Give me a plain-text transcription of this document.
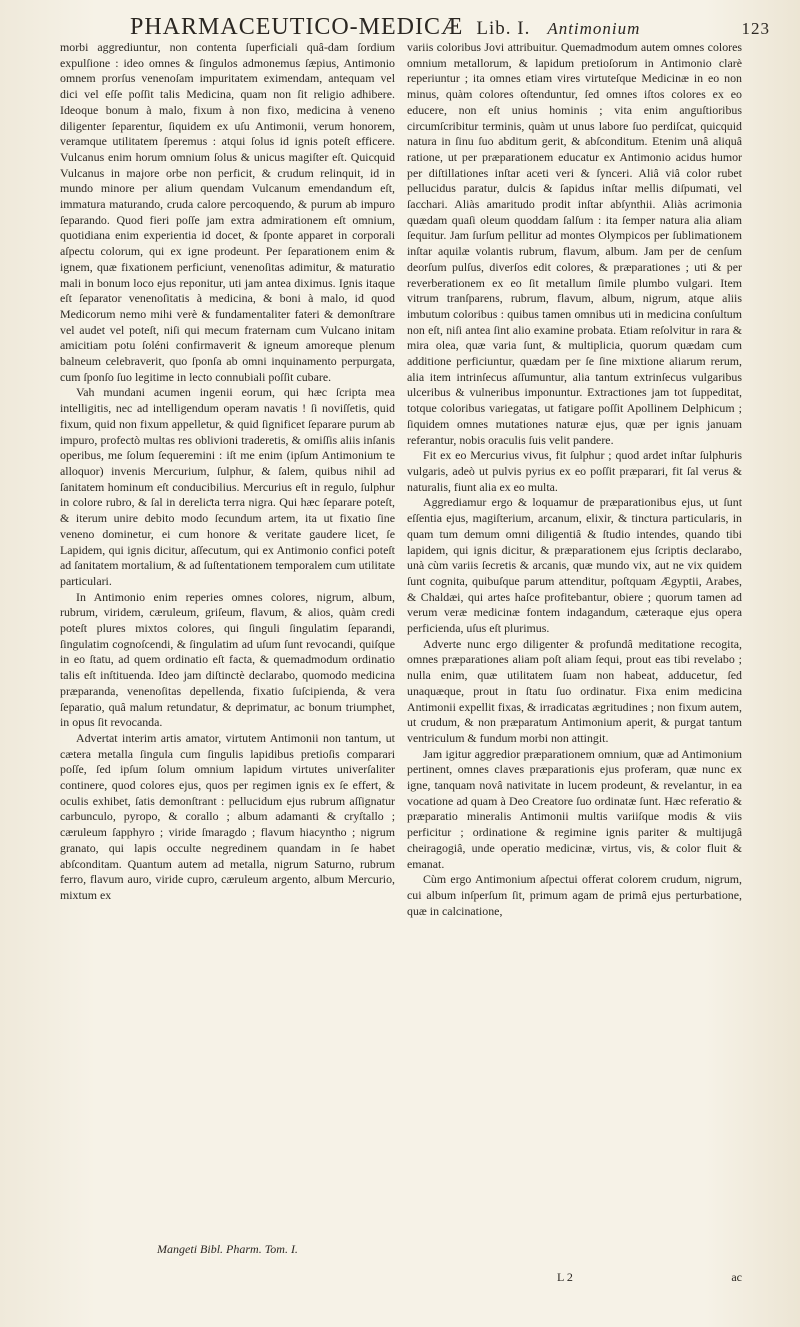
PHARMACEUTICO-MEDICÆ Lib. I. Antimonium	123

morbi aggrediuntur, non contenta ſuperficiali quâ-dam ſordium expulſione : ideo omnes & ſingulos admonemus ſæpius, Antimonio omnem prorſus venenoſam impuritatem eximendam, antequam vel dici vel eſſe poſſit talis Medicina, quam non ſit religio adhibere. Ideoque bonum à malo, fixum à non fixo, medicina à veneno diligenter ſeparentur, ſiquidem ex uſu Antimonii, verum honorem, veramque utilitatem ſperemus : atqui ſolus id ignis poteſt efficere. Vulcanus enim horum omnium ſolus & unicus magiſter eſt. Quicquid Vulcanus in majore orbe non perficit, & crudum relinquit, id in mundo minore per alium quendam Vulcanum emendandum eſt, immatura maturando, cruda calore percoquendo, & purum ab impuro ſeparando. Quod fieri poſſe jam extra admirationem eſt omnium, quotidiana enim experientia id docet, & ſponte apparet in corporali aſpectu colorum, qui ex igne prodeunt. Per ſeparationem enim & ignem, quæ fixationem perficiunt, venenoſitas adimitur, & maturatio mali in bonum loco ejus reponitur, uti jam antea diximus. Ignis itaque eſt ſeparator venenoſitatis à medicina, & boni à malo, id quod Medicorum nemo mihi verè & fundamentaliter fateri & demonſtrare vel audet vel poteſt, niſi qui mecum fraternam cum Vulcano initam amicitiam potu ſoléni confirmaverit & igneum amoreque plenum balneum celebraverit, quo ſponſa ab omni inquinamento perpurgata, cum ſponſo ſuo legitime in lecto connubiali poſſit cubare.

Vah mundani acumen ingenii eorum, qui hæc ſcripta mea intelligitis, nec ad intelligendum operam navatis ! ſi noviſſetis, quid fixum, quid non fixum appelletur, & quid ſignificet ſeparare purum ab impuro, profectò multas res oblivioni traderetis, & omiſſis aliis inſanis operibus, me ſolum ſequeremini : iſt me enim (ipſum Antimonium te alloquor) invenis Mercurium, ſulphur, & ſalem, quibus nihil ad ſanitatem hominum eſt conducibilius. Mercurius eſt in regulo, ſulphur in colore rubro, & ſal in dereliƈta terra nigra. Qui hæc ſeparare poteſt, & iterum unire debito modo ſecundum artem, ita ut fixatio ſine veneno dominetur, ei cum honore & veritate gaudere licet, ſe Lapidem, qui ignis dicitur, aſſecutum, qui ex Antimonio confici poteſt ad ſanitatem mortalium, & ad ſuſtentationem temporalem cum utilitate particulari.

In Antimonio enim reperies omnes colores, nigrum, album, rubrum, viridem, cæruleum, griſeum, flavum, & alios, quàm credi poteſt plures mixtos colores, qui ſinguli ſingulatim ſeparandi, ſingulatim cognoſcendi, & ſingulatim ad uſum ſunt revocandi, quiſque in eo ſtatu, ad quem ordinatio eſt facta, & quemadmodum ordinatio talis eſt inſtituenda. Ideo jam diſtinctè declarabo, quomodo medicina præparanda, venenoſitas depellenda, fixatio ſuſcipienda, & vera ſeparatio, quâ malum retundatur, & deprimatur, ac bonum triumphet, in opus ſit revocanda.

Advertat interim artis amator, virtutem Antimonii non tantum, ut cætera metalla ſingula cum ſingulis lapidibus pretioſis comparari poſſe, ſed ipſum ſolum omnium lapidum virtutes univerſaliter continere, quod colores ejus, quos per regimen ignis ex ſe effert, & oculis exhibet, ſatis demonſtrant : pellucidum ejus rubrum aſſignatur carbunculo, pyropo, & corallo ; album adamanti & cryſtallo ; cæruleum ſapphyro ; viride ſmaragdo ; flavum hiacyntho ; nigrum granato, qui lapis occulte negredinem quandam in ſe habet abſconditam. Quantum autem ad metalla, nigrum Saturno, rubrum ferro, flavum auro, viride cupro, cæruleum argento, album Mercurio, mixtum ex

Mangeti Bibl. Pharm. Tom. I.

variis coloribus Jovi attribuitur. Quemadmodum autem omnes colores omnium metallorum, & lapidum pretioſorum in Antimonio clarè reperiuntur ; ita omnes etiam vires virtuteſque Medicinæ in eo non minus, quàm colores oſtenduntur, ſed omnes iſtos colores ex eo educere, non eſt unius hominis ; vita enim anguſtioribus circumſcribitur terminis, quàm ut unus labore ſuo perdiſcat, quicquid natura in ſinu ſuo abditum gerit, & abſconditum. Etenim unâ aliquâ ratione, ut per præparationem educatur ex Antimonio acidus humor per diſtillationes inſtar aceti veri & ſynceri. Aliâ viâ color rubet pellucidus paratur, dulcis & ſapidus inſtar mellis diſpumati, vel ſacchari. Aliàs amaritudo prodit inſtar abſynthii. Aliàs acrimonia quædam quaſi oleum quoddam ſalſum : ita ſemper natura alia aliam ſequitur. Jam ſurſum pellitur ad montes Olympicos per ſublimationem inſtar aquilæ volantis rubrum, flavum, album. Jam per de cenſum deorſum pulſus, diverſos edit colores, & præparationes ; uti & per reverberationem ex eo ſit metallum ſimile plumbo vulgari. Item vitrum tranſparens, rubrum, flavum, album, nigrum, atque aliis imbutum coloribus : quibus tamen omnibus uti in medicina conſultum non eſt, niſi antea ſint alio examine probata. Etiam reſolvitur in rara & mira olea, quæ varia ſunt, & multiplicia, quorum quædam cum additione perficiuntur, quædam per ſe ſine mixtione aliarum rerum, alia item intrinſecus aſſumuntur, alia tantum extrinſecus vulgaribus ulceribus & vulneribus imponuntur. Extractiones jam tot ſuppeditat, totque coloribus variegatas, ut fatigare poſſit Apollinem Delphicum ; ſiquidem omnes mutationes naturæ ejus, quæ per ignis januam referantur, nobis oraculis ſuis velit pandere.

Fit ex eo Mercurius vivus, fit ſulphur ; quod ardet inſtar ſulphuris vulgaris, adeò ut pulvis pyrius ex eo poſſit præparari, fit ſal verus & naturalis, fiunt alia ex eo multa.

Aggrediamur ergo & loquamur de præparationibus ejus, ut ſunt eſſentia ejus, magiſterium, arcanum, elixir, & tinctura particularis, in quam tum demum omni diligentiâ & ſtudio intendes, quando tibi lapidem, qui ignis dicitur, & præparationem ejus ſcriptis declarabo, unà cùm variis ſecretis & arcanis, quæ mundo vix, aut ne vix quidem ſunt cognita, quibuſque parum attenditur, poſtquam Ægyptii, Arabes, & Chaldæi, qui artes haſce profitebantur, obiere ; quorum tamen ad verum veræ medicinæ fontem indagandum, cæteraque ejus opera perficienda, uſus eſt plurimus.

Adverte nunc ergo diligenter & profundâ meditatione recogita, omnes præparationes aliam poſt aliam ſequi, prout eas tibi revelabo ; nulla enim, quæ utilitatem ſuam non habeat, adducetur, ſed unaquæque, prout in ſtatu ſuo ordinatur. Fixa enim medicina Antimonii expellit fixas, & irradicatas ægritudines ; non fixum autem, ut crudum, & non præparatum Antimonium aperit, & purgat tantum ventriculum & fundum morbi non attingit.

Jam igitur aggredior præparationem omnium, quæ ad Antimonium pertinent, omnes claves præparationis ejus proferam, quæ nunc ex igne, tanquam novâ nativitate in lucem prodeunt, & revelantur, in ea vocatione ad quam à Deo Creatore ſuo ordinatæ ſunt. Hæc referatio & præparatio mineralis Antimonii multis variiſque modis & viis perficitur ; ordinatione & regimine ignis pariter & multijugâ cheiragogiâ, unde operatio medicinæ, virtus, vis, & color fluit & emanat.

Cùm ergo Antimonium aſpectui offerat colorem crudum, nigrum, cui album inſperſum ſit, primum agam de primâ ejus perturbatione, quæ in calcinatione,

L 2	ac
